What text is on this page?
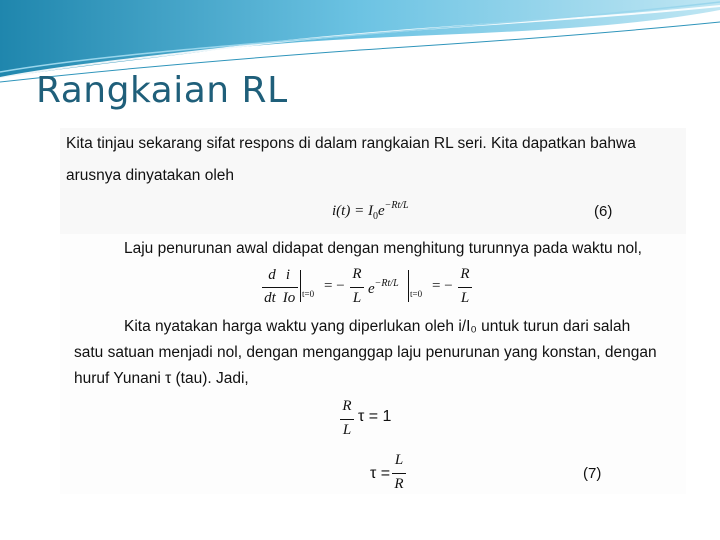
Rangkaian RL
Kita tinjau sekarang sifat respons di dalam rangkaian RL seri. Kita dapatkan bahwa
arusnya dinyatakan oleh
$i(t) = I_0e^{-Rt/L}$	(6)
Laju penurunan awal didapat dengan menghitung turunnya pada waktu nol,
d i
dt Io t=0 = −
R
L
$e^{-Rt/L}$
t=0 = −
R
L
Kita nyatakan harga waktu yang diperlukan oleh i/I₀ untuk turun dari salah
satu satuan menjadi nol, dengan menganggap laju penurunan yang konstan, dengan
huruf Yunani τ (tau). Jadi,
R
L
τ = 1
τ =
L
R
(7)
